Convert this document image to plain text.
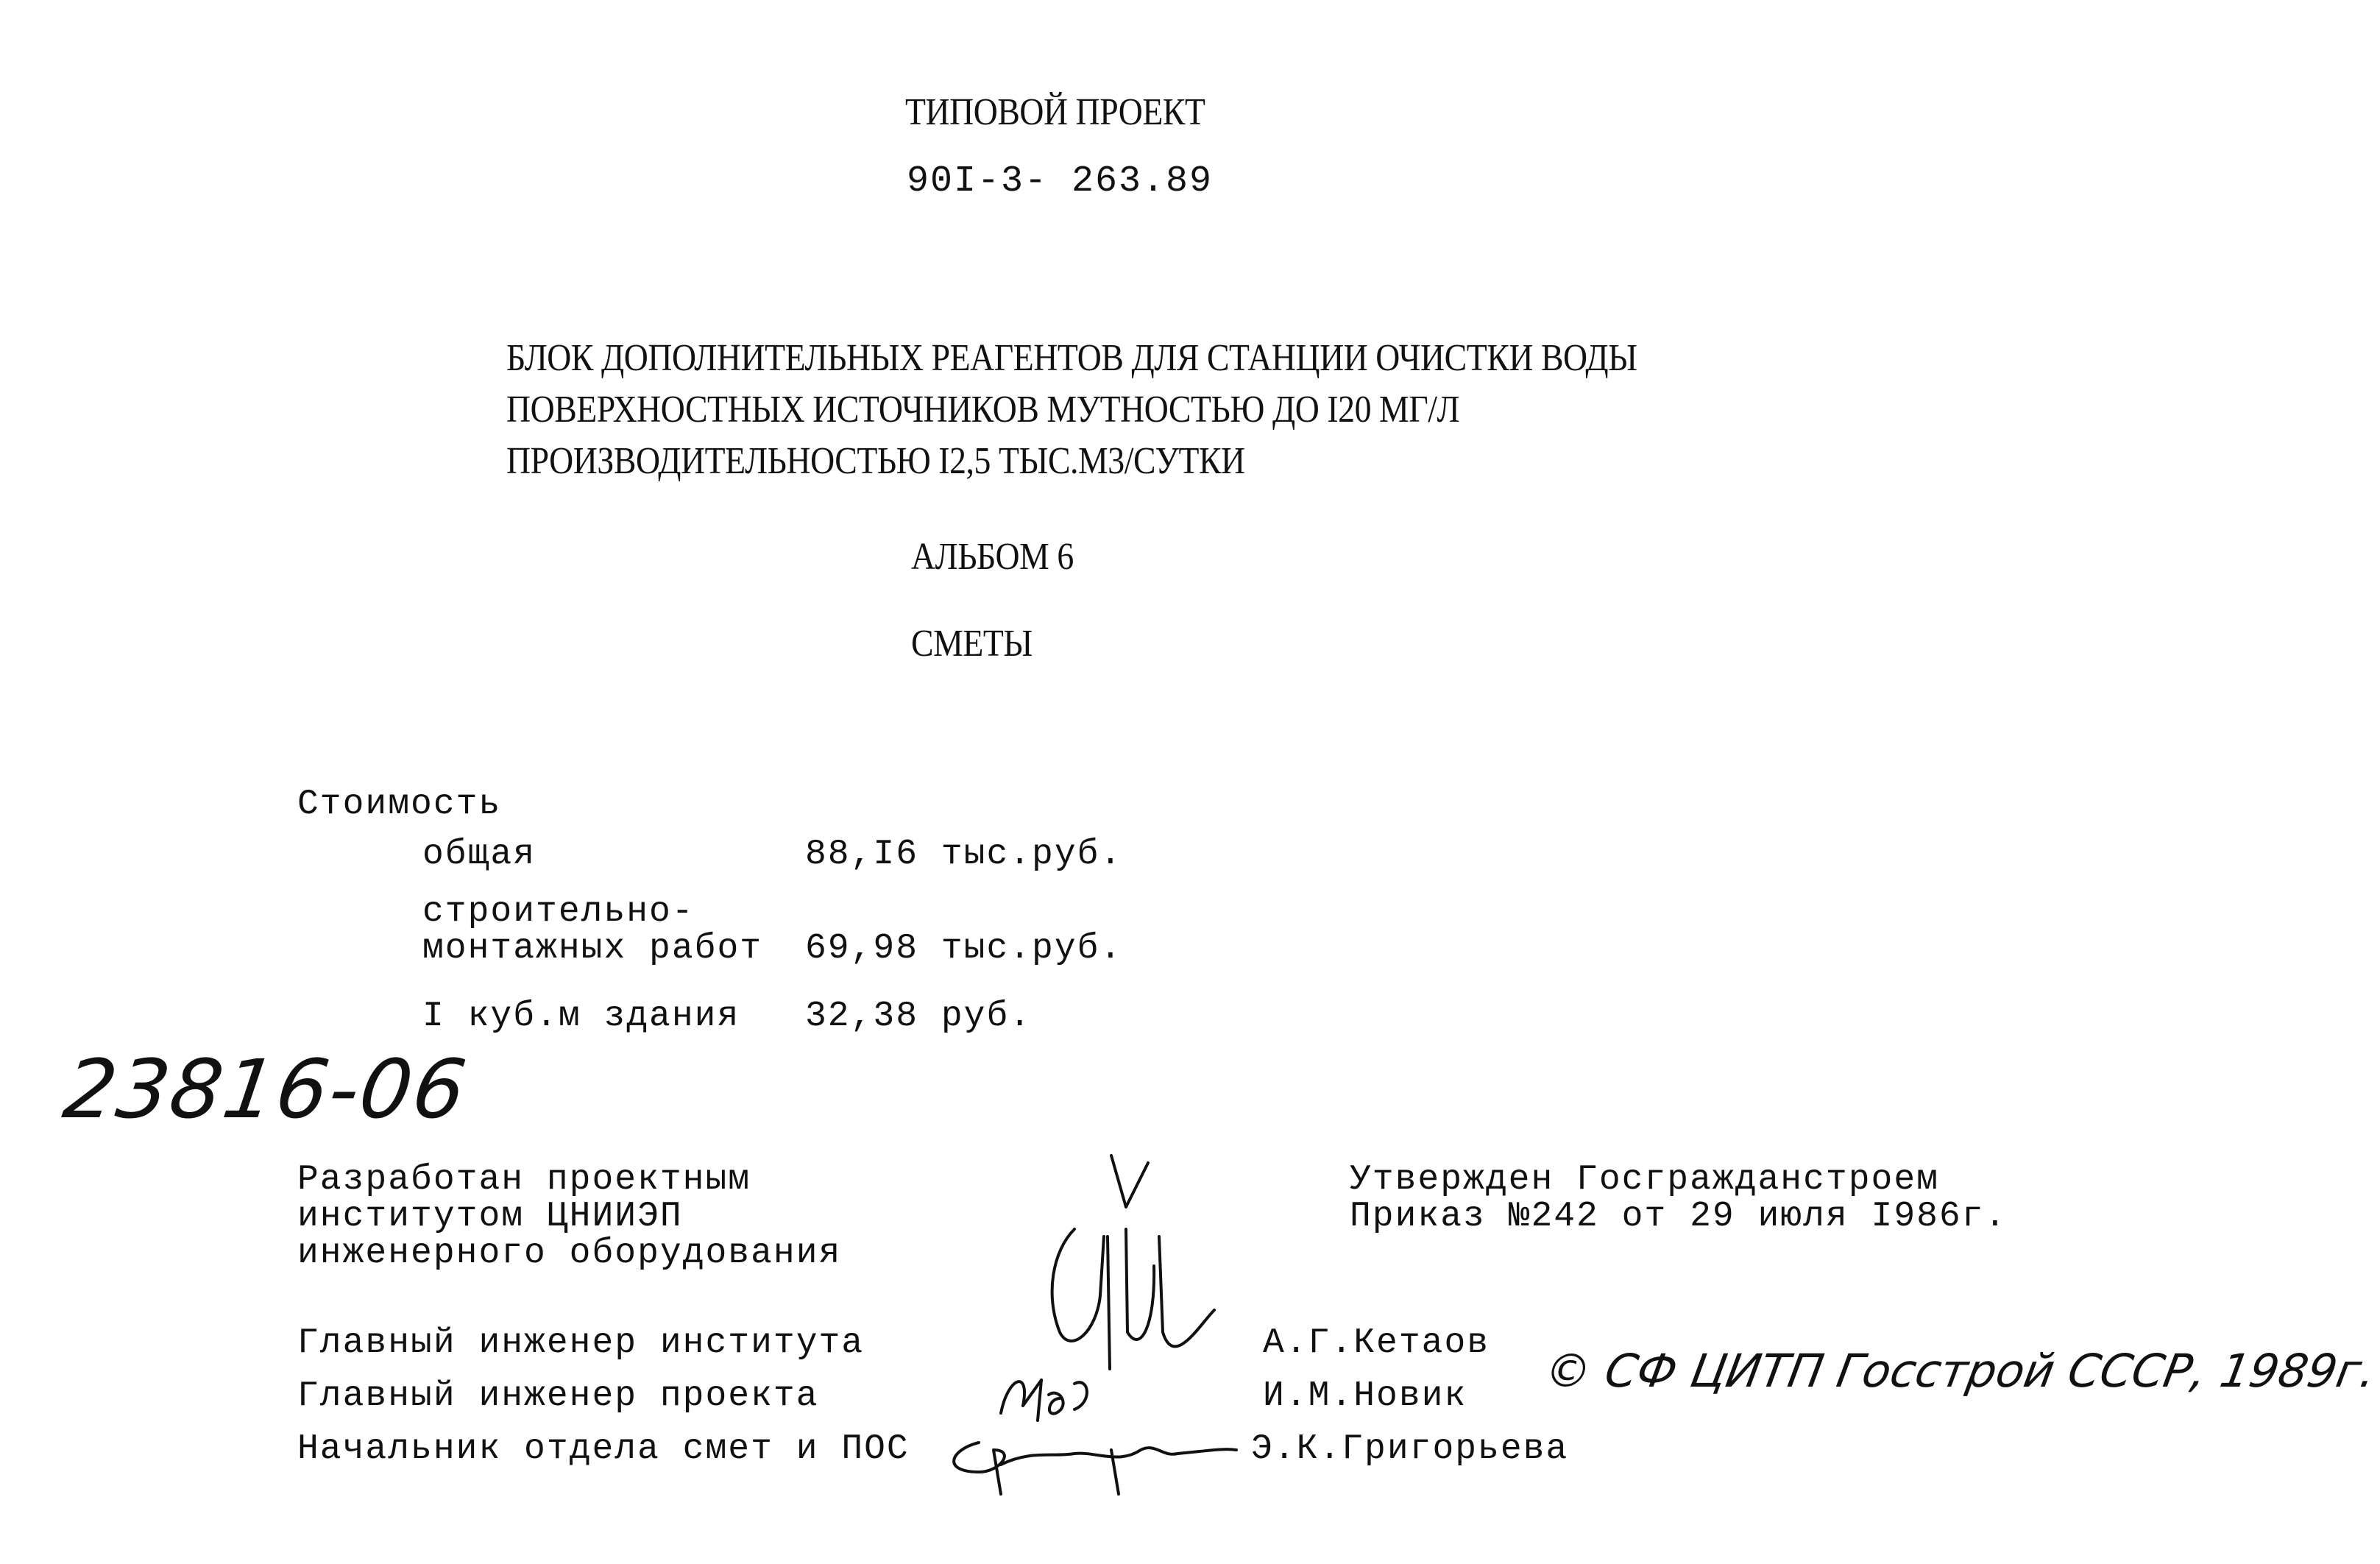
ТИПОВОЙ ПРОЕКТ
90I-3- 263.89
БЛОК ДОПОЛНИТЕЛЬНЫХ РЕАГЕНТОВ ДЛЯ СТАНЦИИ ОЧИСТКИ ВОДЫ
ПОВЕРХНОСТНЫХ ИСТОЧНИКОВ МУТНОСТЬЮ ДО I20 МГ/Л
ПРОИЗВОДИТЕЛЬНОСТЬЮ I2,5 ТЫС.М3/СУТКИ
АЛЬБОМ 6
СМЕТЫ
Стоимость
общая	88,I6 тыс.руб.
строительно-
монтажных работ 69,98 тыс.руб.
I куб.м здания 32,38 руб.
23816-06
Разработан проектным
институтом ЦНИИЭП
инженерного оборудования
Утвержден Госгражданстроем
Приказ №242 от 29 июля I986г.
Главный инженер института	А.Г.Кетаов
Главный инженер проекта	И.М.Новик
Начальник отдела смет и ПОС	Э.К.Григорьева
© СФ ЦИТП Госстрой СССР, 1989г.
